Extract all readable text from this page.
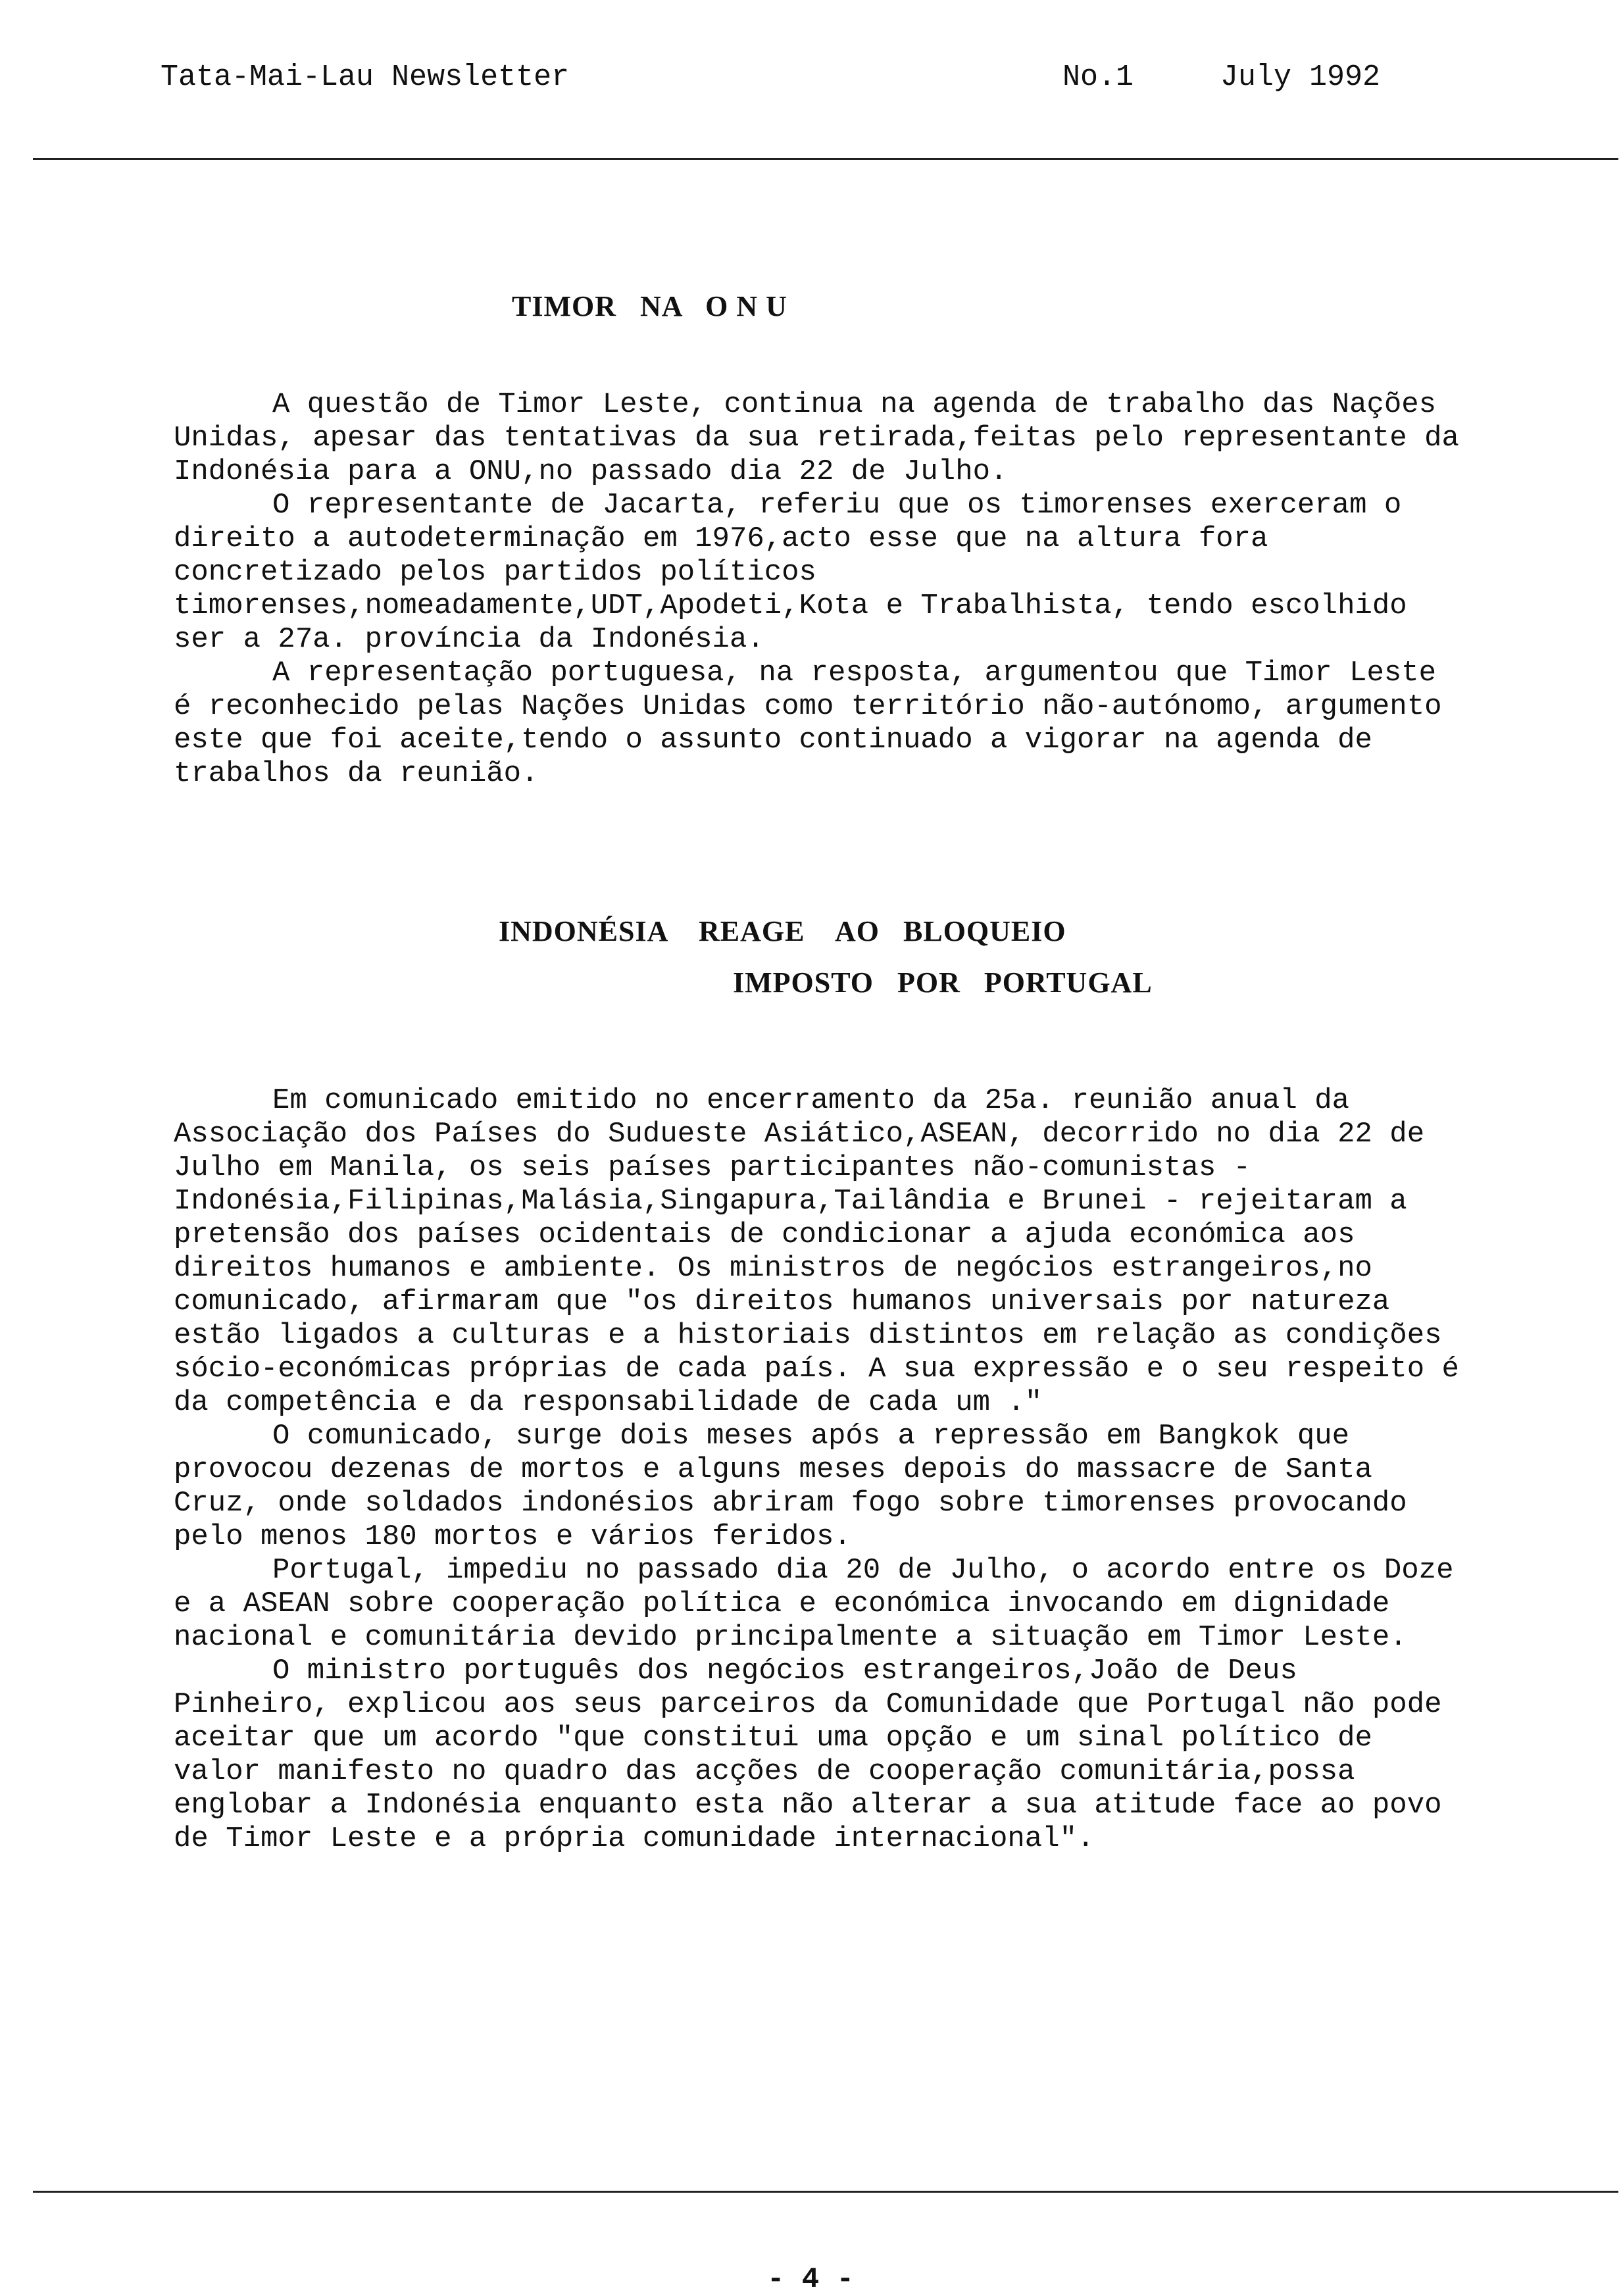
Tata-Mai-Lau Newsletter	No.1	July 1992
TIMOR   NA   O N U

A questão de Timor Leste, continua na agenda de trabalho das Nações Unidas, apesar das tentativas da sua retirada,feitas pelo representante da Indonésia para a ONU,no passado dia 22 de Julho.

O representante de Jacarta, referiu que os timorenses exerceram o direito a autodeterminação em 1976,acto esse que na altura fora concretizado pelos partidos políticos timorenses,nomeadamente,UDT,Apodeti,Kota e Trabalhista, tendo escolhido ser a 27a. província da Indonésia.

A representação portuguesa, na resposta, argumentou que Timor Leste é reconhecido pelas Nações Unidas como território não-autónomo, argumento este que foi aceite,tendo o assunto continuado a vigorar na agenda de trabalhos da reunião.

INDONÉSIA    REAGE    AO   BLOQUEIO
IMPOSTO   POR   PORTUGAL

Em comunicado emitido no encerramento da 25a. reunião anual da Associação dos Países do Sudueste Asiático,ASEAN, decorrido no dia 22 de Julho em Manila, os seis países participantes não-comunistas - Indonésia,Filipinas,Malásia,Singapura,Tailândia e Brunei - rejeitaram a pretensão dos países ocidentais de condicionar a ajuda económica aos direitos humanos e ambiente. Os ministros de negócios estrangeiros,no comunicado, afirmaram que "os direitos humanos universais por natureza estão ligados a culturas e a historiais distintos em relação as condições sócio-económicas próprias de cada país. A sua expressão e o seu respeito é da competência e da responsabilidade de cada um ."

O comunicado, surge dois meses após a repressão em Bangkok que provocou dezenas de mortos e alguns meses depois do massacre de Santa Cruz, onde soldados indonésios abriram fogo sobre timorenses provocando pelo menos 180 mortos e vários feridos.

Portugal, impediu no passado dia 20 de Julho, o acordo entre os Doze e a ASEAN sobre cooperação política e económica invocando em dignidade nacional e comunitária devido principalmente a situação em Timor Leste.

O ministro português dos negócios estrangeiros,João de Deus Pinheiro, explicou aos seus parceiros da Comunidade que Portugal não pode aceitar que um acordo "que constitui uma opção e um sinal político de valor manifesto no quadro das acções de cooperação comunitária,possa englobar a Indonésia enquanto esta não alterar a sua atitude face ao povo de Timor Leste e a própria comunidade internacional".

- 4 -
